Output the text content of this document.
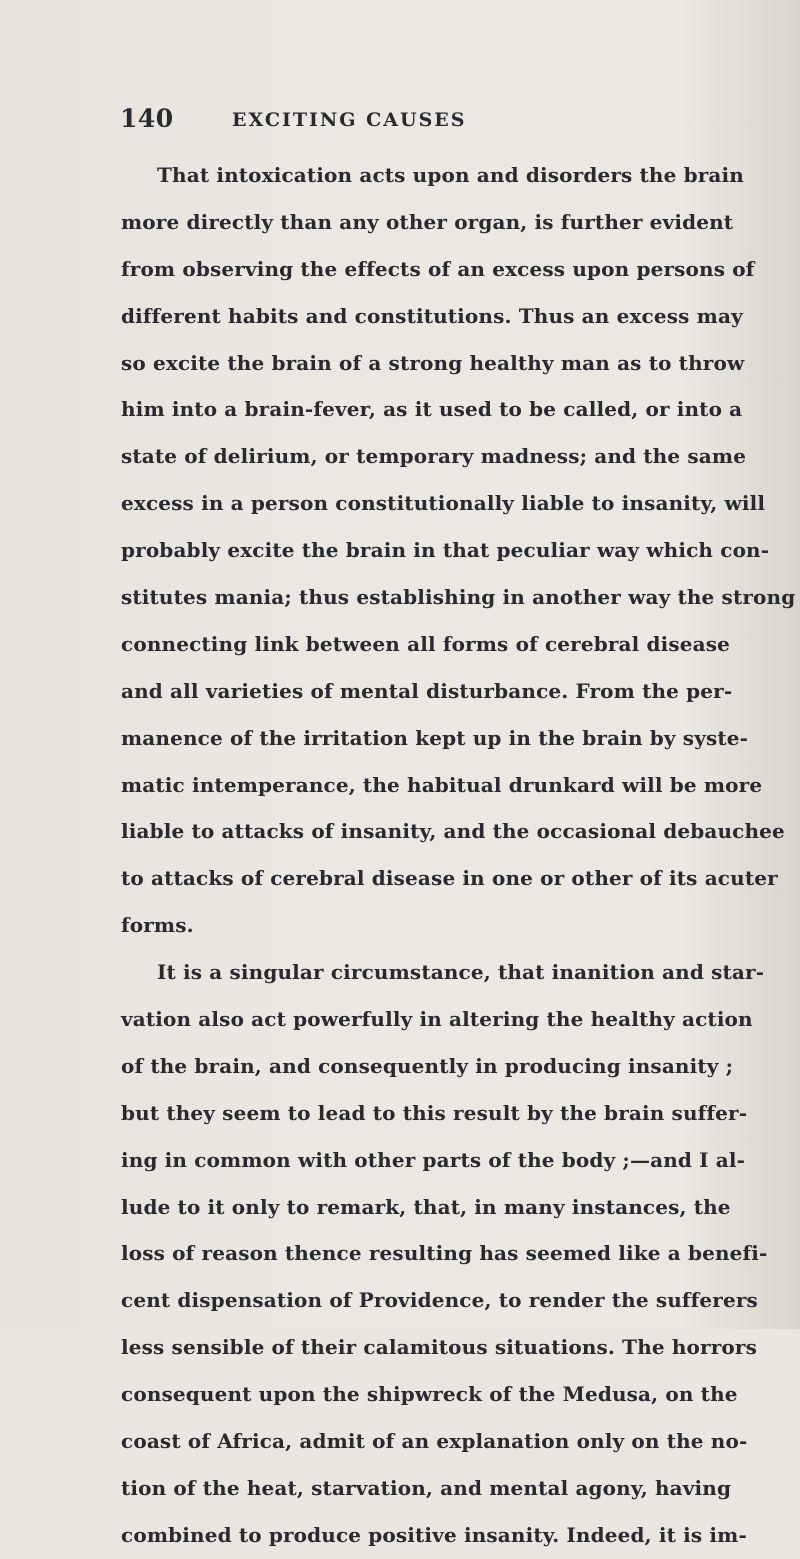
140	EXCITING CAUSES
That intoxication acts upon and disorders the brain
more directly than any other organ, is further evident
from observing the effects of an excess upon persons of
different habits and constitutions. Thus an excess may
so excite the brain of a strong healthy man as to throw
him into a brain-fever, as it used to be called, or into a
state of delirium, or temporary madness; and the same
excess in a person constitutionally liable to insanity, will
probably excite the brain in that peculiar way which con-
stitutes mania; thus establishing in another way the strong
connecting link between all forms of cerebral disease
and all varieties of mental disturbance. From the per-
manence of the irritation kept up in the brain by syste-
matic intemperance, the habitual drunkard will be more
liable to attacks of insanity, and the occasional debauchee
to attacks of cerebral disease in one or other of its acuter
forms.
It is a singular circumstance, that inanition and star-
vation also act powerfully in altering the healthy action
of the brain, and consequently in producing insanity ;
but they seem to lead to this result by the brain suffer-
ing in common with other parts of the body ;—and I al-
lude to it only to remark, that, in many instances, the
loss of reason thence resulting has seemed like a benefi-
cent dispensation of Providence, to render the sufferers
less sensible of their calamitous situations. The horrors
consequent upon the shipwreck of the Medusa, on the
coast of Africa, admit of an explanation only on the no-
tion of the heat, starvation, and mental agony, having
combined to produce positive insanity. Indeed, it is im-
